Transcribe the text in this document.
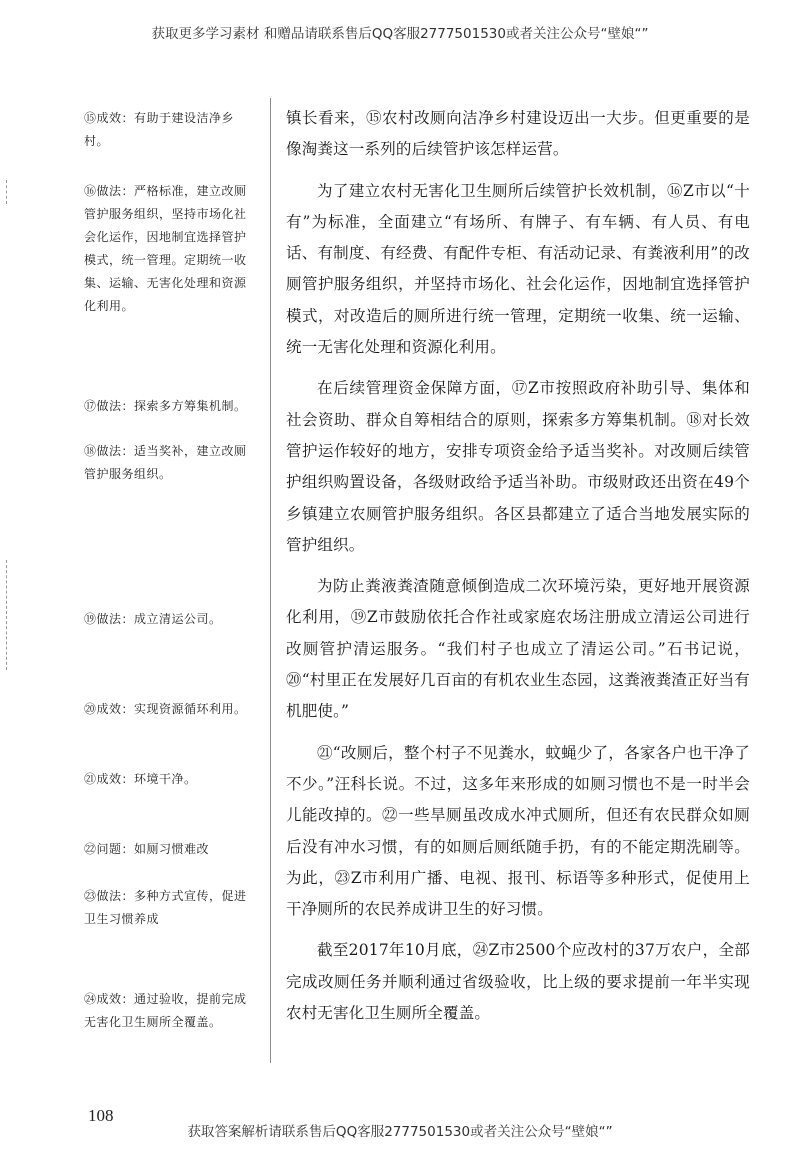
获取更多学习素材 和赠品请联系售后QQ客服2777501530或者关注公众号“壁娘“”
⑮成效：有助于建设洁净乡村。
⑯做法：严格标准，建立改厕管护服务组织，坚持市场化社会化运作，因地制宜选择管护模式，统一管理。定期统一收集、运输、无害化处理和资源化利用。
⑰做法：探索多方筹集机制。
⑱做法：适当奖补，建立改厕管护服务组织。
⑲做法：成立清运公司。
⑳成效：实现资源循环利用。
㉑成效：环境干净。
㉒问题：如厕习惯难改
㉓做法：多种方式宣传，促进卫生习惯养成
㉔成效：通过验收，提前完成无害化卫生厕所全覆盖。

镇长看来，⑮农村改厕向洁净乡村建设迈出一大步。但更重要的是像淘粪这一系列的后续管护该怎样运营。

为了建立农村无害化卫生厕所后续管护长效机制，⑯Z市以“十有”为标准，全面建立“有场所、有牌子、有车辆、有人员、有电话、有制度、有经费、有配件专柜、有活动记录、有粪液利用”的改厕管护服务组织，并坚持市场化、社会化运作，因地制宜选择管护模式，对改造后的厕所进行统一管理，定期统一收集、统一运输、统一无害化处理和资源化利用。

在后续管理资金保障方面，⑰Z市按照政府补助引导、集体和社会资助、群众自筹相结合的原则，探索多方筹集机制。⑱对长效管护运作较好的地方，安排专项资金给予适当奖补。对改厕后续管护组织购置设备，各级财政给予适当补助。市级财政还出资在49个乡镇建立农厕管护服务组织。各区县都建立了适合当地发展实际的管护组织。

为防止粪液粪渣随意倾倒造成二次环境污染，更好地开展资源化利用，⑲Z市鼓励依托合作社或家庭农场注册成立清运公司进行改厕管护清运服务。“我们村子也成立了清运公司。”石书记说，⑳“村里正在发展好几百亩的有机农业生态园，这粪液粪渣正好当有机肥使。”

㉑“改厕后，整个村子不见粪水，蚊蝇少了，各家各户也干净了不少。”汪科长说。不过，这多年来形成的如厕习惯也不是一时半会儿能改掉的。㉒一些旱厕虽改成水冲式厕所，但还有农民群众如厕后没有冲水习惯，有的如厕后厕纸随手扔，有的不能定期洗刷等。为此，㉓Z市利用广播、电视、报刊、标语等多种形式，促使用上干净厕所的农民养成讲卫生的好习惯。

截至2017年10月底，㉔Z市2500个应改村的37万农户，全部完成改厕任务并顺利通过省级验收，比上级的要求提前一年半实现农村无害化卫生厕所全覆盖。

108
获取答案解析请联系售后QQ客服2777501530或者关注公众号“壁娘“”
